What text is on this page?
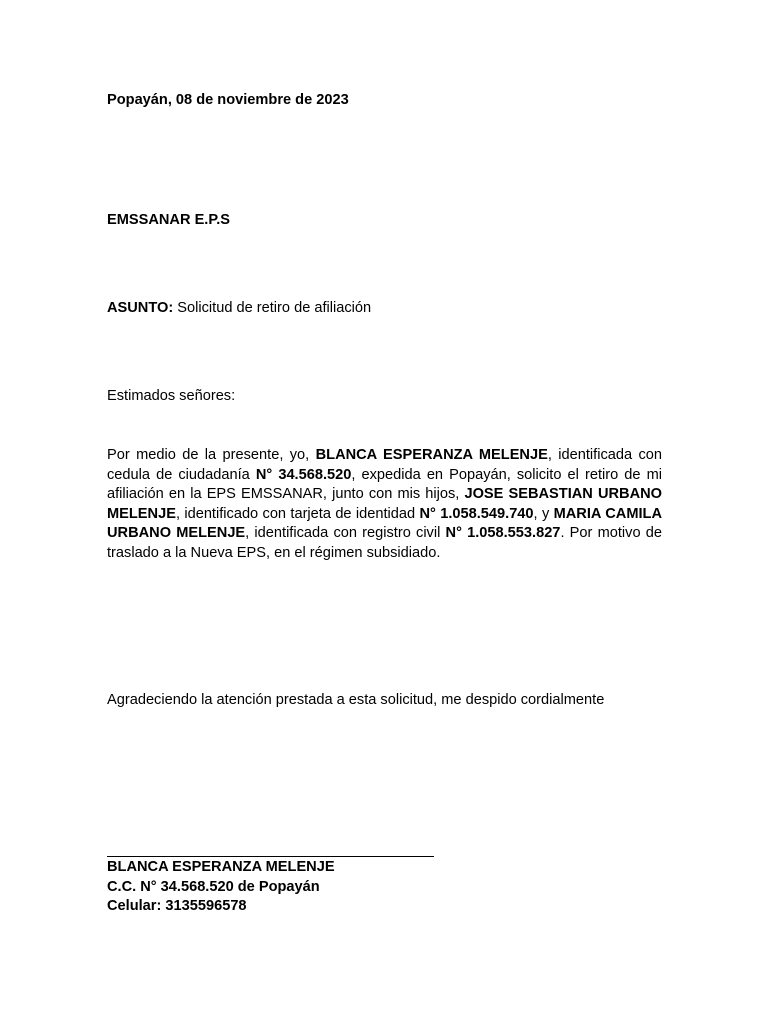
Popayán, 08 de noviembre de 2023

EMSSANAR E.P.S

ASUNTO: Solicitud de retiro de afiliación

Estimados señores:

Por medio de la presente, yo, BLANCA ESPERANZA MELENJE, identificada con cedula de ciudadanía N° 34.568.520, expedida en Popayán, solicito el retiro de mi afiliación en la EPS EMSSANAR, junto con mis hijos, JOSE SEBASTIAN URBANO MELENJE, identificado con tarjeta de identidad N° 1.058.549.740, y MARIA CAMILA URBANO MELENJE, identificada con registro civil N° 1.058.553.827. Por motivo de traslado a la Nueva EPS, en el régimen subsidiado.

Agradeciendo la atención prestada a esta solicitud, me despido cordialmente

BLANCA ESPERANZA MELENJE
C.C. N° 34.568.520 de Popayán
Celular: 3135596578
